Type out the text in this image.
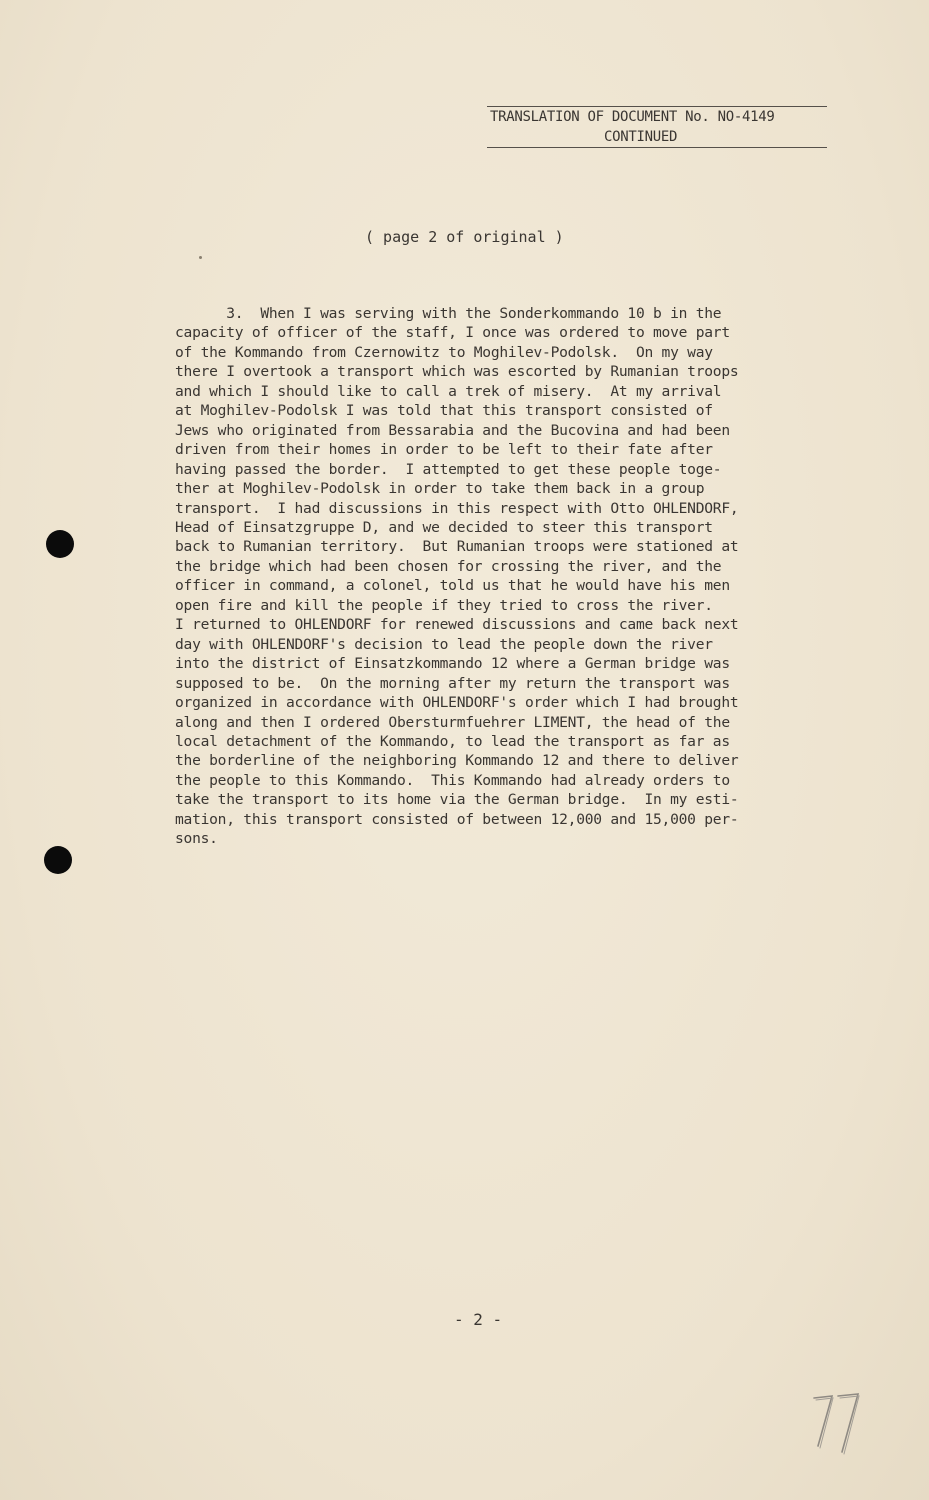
TRANSLATION OF DOCUMENT No. NO-4149
CONTINUED
( page 2 of original )
3.  When I was serving with the Sonderkommando 10 b in the
capacity of officer of the staff, I once was ordered to move part
of the Kommando from Czernowitz to Moghilev-Podolsk.  On my way
there I overtook a transport which was escorted by Rumanian troops
and which I should like to call a trek of misery.  At my arrival
at Moghilev-Podolsk I was told that this transport consisted of
Jews who originated from Bessarabia and the Bucovina and had been
driven from their homes in order to be left to their fate after
having passed the border.  I attempted to get these people toge-
ther at Moghilev-Podolsk in order to take them back in a group
transport.  I had discussions in this respect with Otto OHLENDORF,
Head of Einsatzgruppe D, and we decided to steer this transport
back to Rumanian territory.  But Rumanian troops were stationed at
the bridge which had been chosen for crossing the river, and the
officer in command, a colonel, told us that he would have his men
open fire and kill the people if they tried to cross the river.
I returned to OHLENDORF for renewed discussions and came back next
day with OHLENDORF's decision to lead the people down the river
into the district of Einsatzkommando 12 where a German bridge was
supposed to be.  On the morning after my return the transport was
organized in accordance with OHLENDORF's order which I had brought
along and then I ordered Obersturmfuehrer LIMENT, the head of the
local detachment of the Kommando, to lead the transport as far as
the borderline of the neighboring Kommando 12 and there to deliver
the people to this Kommando.  This Kommando had already orders to
take the transport to its home via the German bridge.  In my esti-
mation, this transport consisted of between 12,000 and 15,000 per-
sons.
- 2 -
